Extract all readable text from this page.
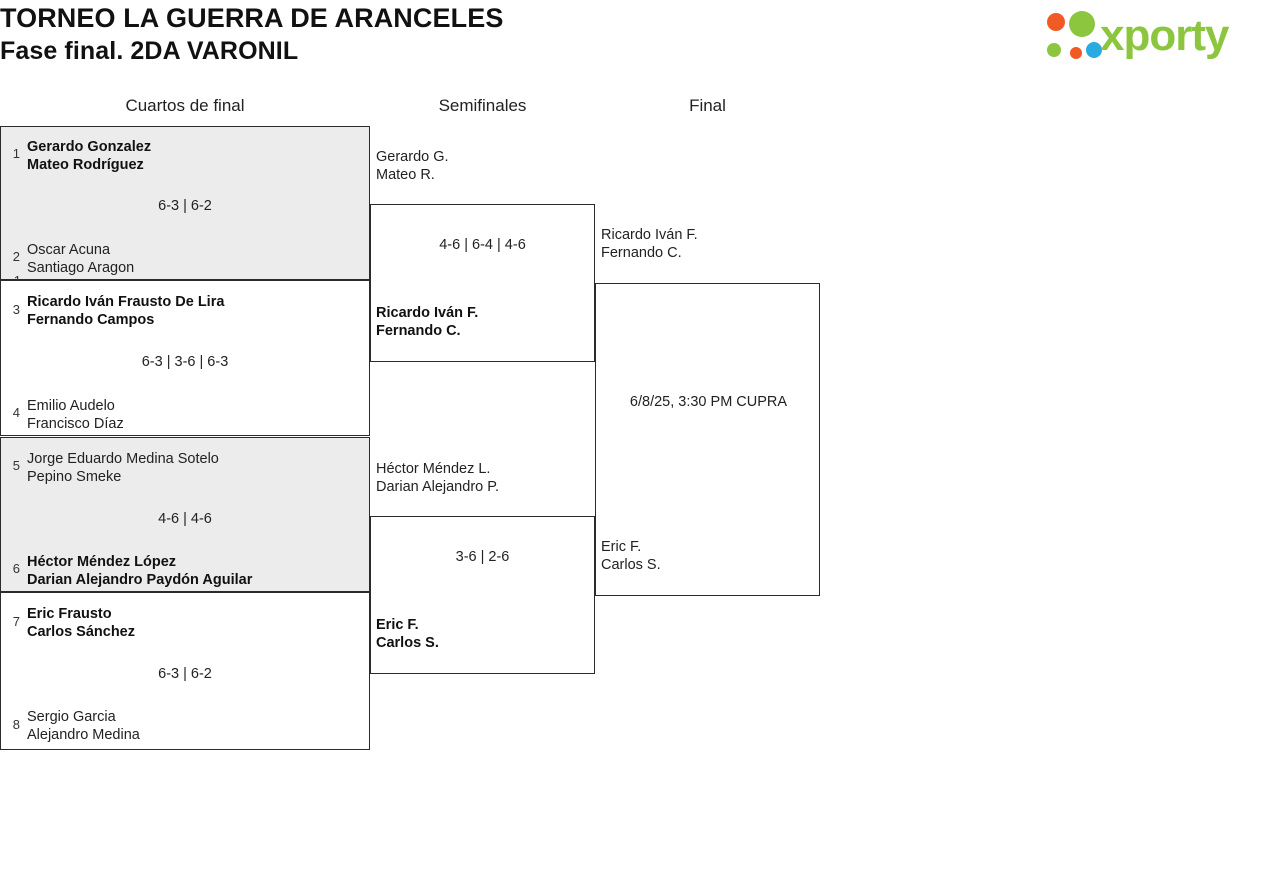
TORNEO LA GUERRA DE ARANCELES
Fase final. 2DA VARONIL	xporty
Cuartos de final	Semifinales	Final
Gerardo Gonzalez
Mateo Rodríguez
6-3 | 6-2
Oscar Acuna
Santiago Aragon
1
2
Ricardo Iván Frausto De Lira
Fernando Campos
6-3 | 3-6 | 6-3
Emilio Audelo
Francisco Díaz
3
4
Jorge Eduardo Medina Sotelo
Pepino Smeke
4-6 | 4-6
Héctor Méndez López
Darian Alejandro Paydón Aguilar
5
6
Eric Frausto
Carlos Sánchez
6-3 | 6-2
Sergio Garcia
Alejandro Medina
7
8
Gerardo G.
Mateo R.
4-6 | 6-4 | 4-6
Ricardo Iván F.
Fernando C.
Héctor Méndez L.
Darian Alejandro P.
3-6 | 2-6
Eric F.
Carlos S.
Ricardo Iván F.
Fernando C.
6/8/25, 3:30 PM CUPRA
Eric F.
Carlos S.
